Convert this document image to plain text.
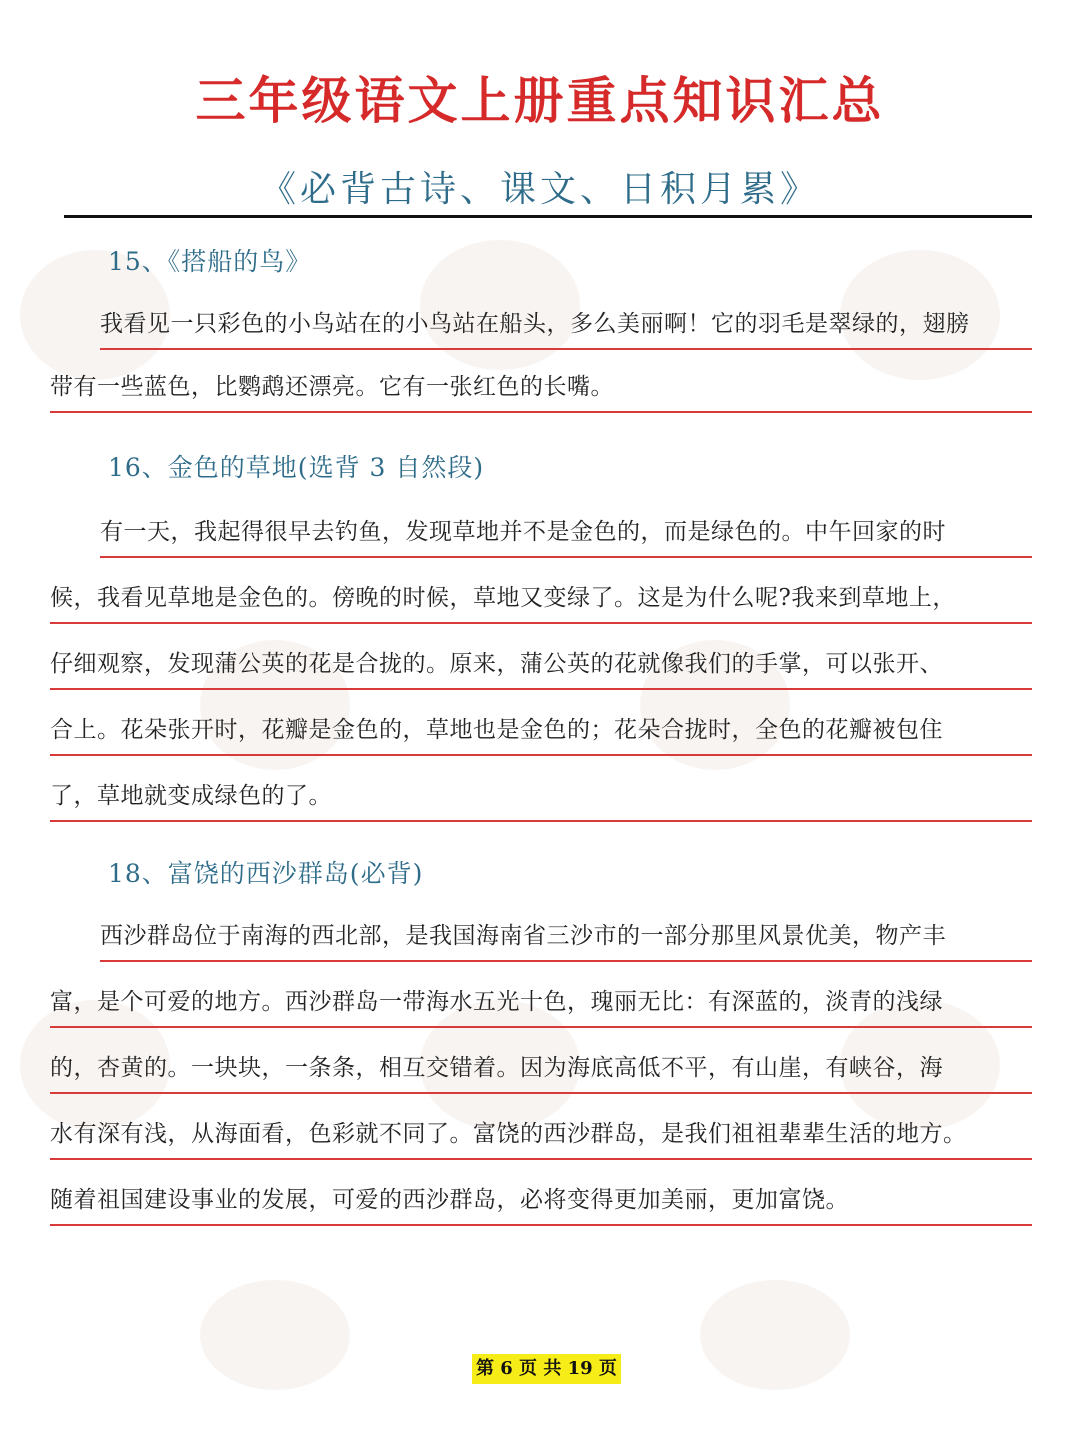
三年级语文上册重点知识汇总
《必背古诗、课文、日积月累》
15、《搭船的鸟》
我看见一只彩色的小鸟站在的小鸟站在船头，多么美丽啊！它的羽毛是翠绿的，翅膀
带有一些蓝色，比鹦鹉还漂亮。它有一张红色的长嘴。
16、金色的草地(选背 3 自然段)
有一天，我起得很早去钓鱼，发现草地并不是金色的，而是绿色的。中午回家的时
候，我看见草地是金色的。傍晚的时候，草地又变绿了。这是为什么呢?我来到草地上，
仔细观察，发现蒲公英的花是合拢的。原来，蒲公英的花就像我们的手掌，可以张开、
合上。花朵张开时，花瓣是金色的，草地也是金色的；花朵合拢时，全色的花瓣被包住
了，草地就变成绿色的了。
18、富饶的西沙群岛(必背)
西沙群岛位于南海的西北部，是我国海南省三沙市的一部分那里风景优美，物产丰
富，是个可爱的地方。西沙群岛一带海水五光十色，瑰丽无比：有深蓝的，淡青的浅绿
的，杏黄的。一块块，一条条，相互交错着。因为海底高低不平，有山崖，有峡谷，海
水有深有浅，从海面看，色彩就不同了。富饶的西沙群岛，是我们祖祖辈辈生活的地方。
随着祖国建设事业的发展，可爱的西沙群岛，必将变得更加美丽，更加富饶。
第 6 页 共 19 页
